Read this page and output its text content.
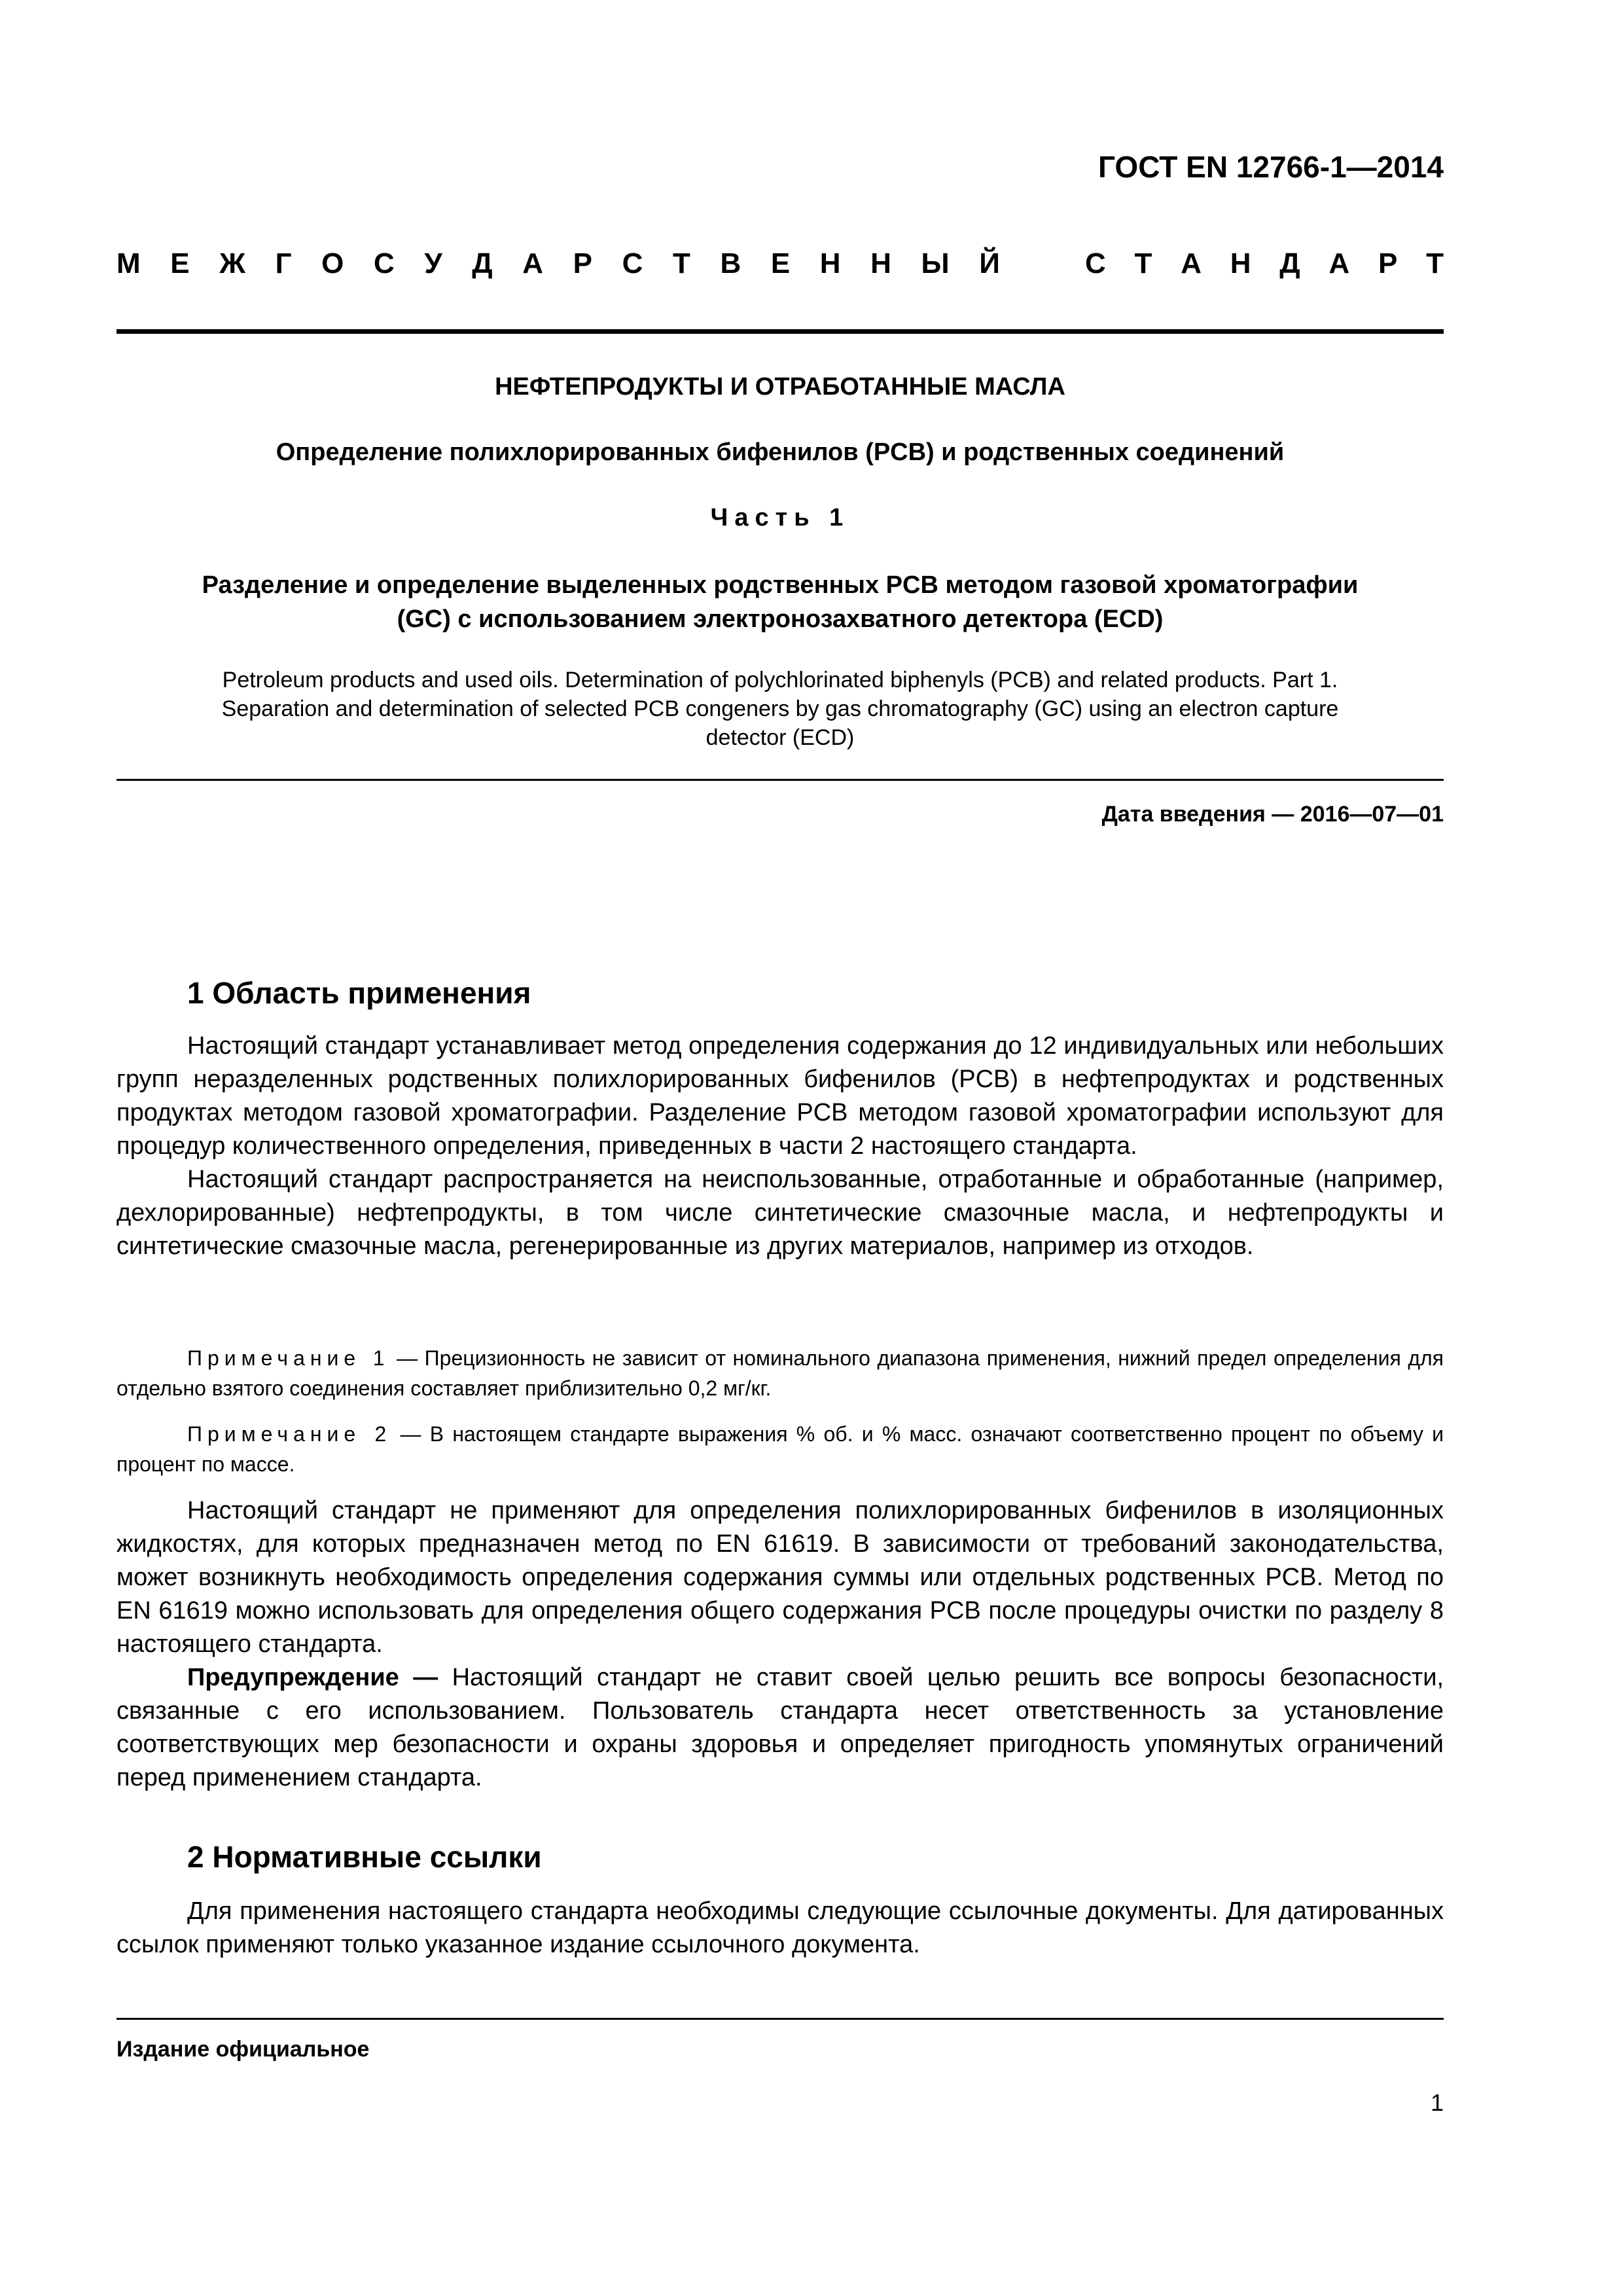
ГОСТ EN 12766-1—2014
М Е Ж Г О С У Д А Р С Т В Е Н Н Ы Й	С Т А Н Д А Р Т
НЕФТЕПРОДУКТЫ И ОТРАБОТАННЫЕ МАСЛА
Определение полихлорированных бифенилов (PCB) и родственных соединений
Часть 1
Разделение и определение выделенных родственных PCB методом газовой хроматографии
(GC) с использованием электронозахватного детектора (ECD)
Petroleum products and used oils. Determination of polychlorinated biphenyls (PCB) and related products. Part 1.
Separation and determination of selected PCB congeners by gas chromatography (GC) using an electron capture
detector (ECD)
Дата введения — 2016—07—01
1 Область применения

Настоящий стандарт устанавливает метод определения содержания до 12 индивидуальных или небольших групп неразделенных родственных полихлорированных бифенилов (PCB) в нефтепродуктах и родственных продуктах методом газовой хроматографии. Разделение PCB методом газовой хроматографии используют для процедур количественного определения, приведенных в части 2 настоящего стандарта.

Настоящий стандарт распространяется на неиспользованные, отработанные и обработанные (например, дехлорированные) нефтепродукты, в том числе синтетические смазочные масла, и нефтепродукты и синтетические смазочные масла, регенерированные из других материалов, например из отходов.

Примечание 1 — Прецизионность не зависит от номинального диапазона применения, нижний предел определения для отдельно взятого соединения составляет приблизительно 0,2 мг/кг.

Примечание 2 — В настоящем стандарте выражения % об. и % масс. означают соответственно процент по объему и процент по массе.

Настоящий стандарт не применяют для определения полихлорированных бифенилов в изоляционных жидкостях, для которых предназначен метод по EN 61619. В зависимости от требований законодательства, может возникнуть необходимость определения содержания суммы или отдельных родственных PCB. Метод по EN 61619 можно использовать для определения общего содержания PCB после процедуры очистки по разделу 8 настоящего стандарта.

Предупреждение — Настоящий стандарт не ставит своей целью решить все вопросы безопасности, связанные с его использованием. Пользователь стандарта несет ответственность за установление соответствующих мер безопасности и охраны здоровья и определяет пригодность упомянутых ограничений перед применением стандарта.

2 Нормативные ссылки

Для применения настоящего стандарта необходимы следующие ссылочные документы. Для датированных ссылок применяют только указанное издание ссылочного документа.

Издание официальное
1
